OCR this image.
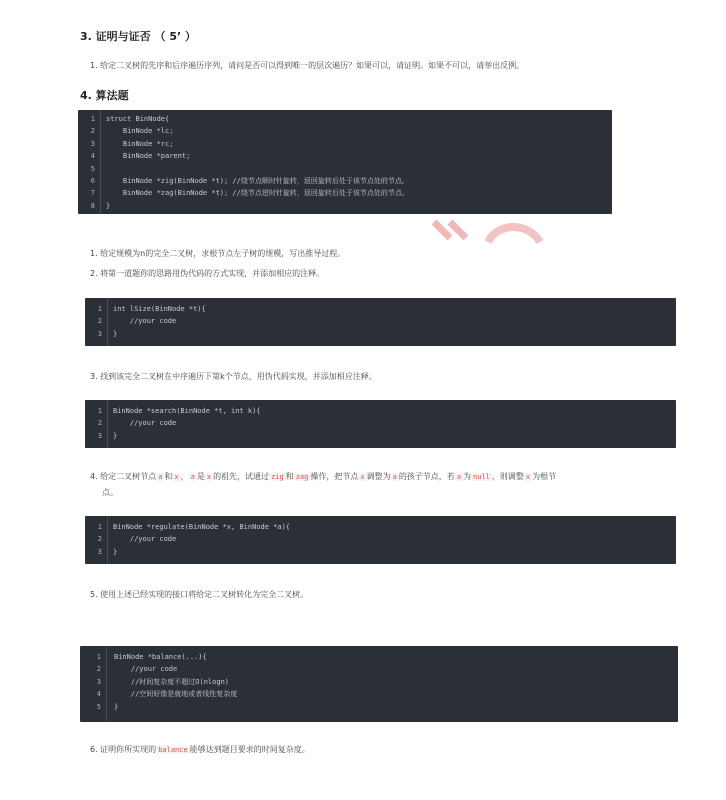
3. 证明与证否 （ 5’ ）
1. 给定二叉树的先序和后序遍历序列，请问是否可以得到唯一的层次遍历？如果可以，请证明。如果不可以，请举出反例。
4. 算法题
1
2
3
4
5
6
7
8
struct BinNode{
BinNode *lc;
BinNode *rc;
BinNode *parent;
BinNode *zig(BinNode *t); //绕节点顺时针旋转，返回旋转后处于该节点处的节点。
BinNode *zag(BinNode *t); //绕节点逆时针旋转，返回旋转后处于该节点处的节点。
}
1. 给定规模为n的完全二叉树，求根节点左子树的规模，写出推导过程。
2. 将第一道题你的思路用伪代码的方式实现，并添加相应的注释。
1
2
3
int lSize(BinNode *t){
//your code
}
3. 找到该完全二叉树在中序遍历下第k个节点，用伪代码实现，并添加相应注释。
1
2
3
BinNode *search(BinNode *t, int k){
//your code
}
4. 给定二叉树节点 a 和 x ， a 是 x 的祖先，试通过 zig 和 zag 操作，把节点 x 调整为 a 的孩子节点，若 a 为 null ，则调整 x 为根节
点。
1
2
3
BinNode *regulate(BinNode *x, BinNode *a){
//your code
}
5. 使用上述已经实现的接口将给定二叉树转化为完全二叉树。
1
2
3
4
5
BinNode *balance(...){
//your code
//时间复杂度不超过O(nlogn)
//空间好像是就地或者线性复杂度
}
6. 证明你所实现的 balance 能够达到题目要求的时间复杂度。
